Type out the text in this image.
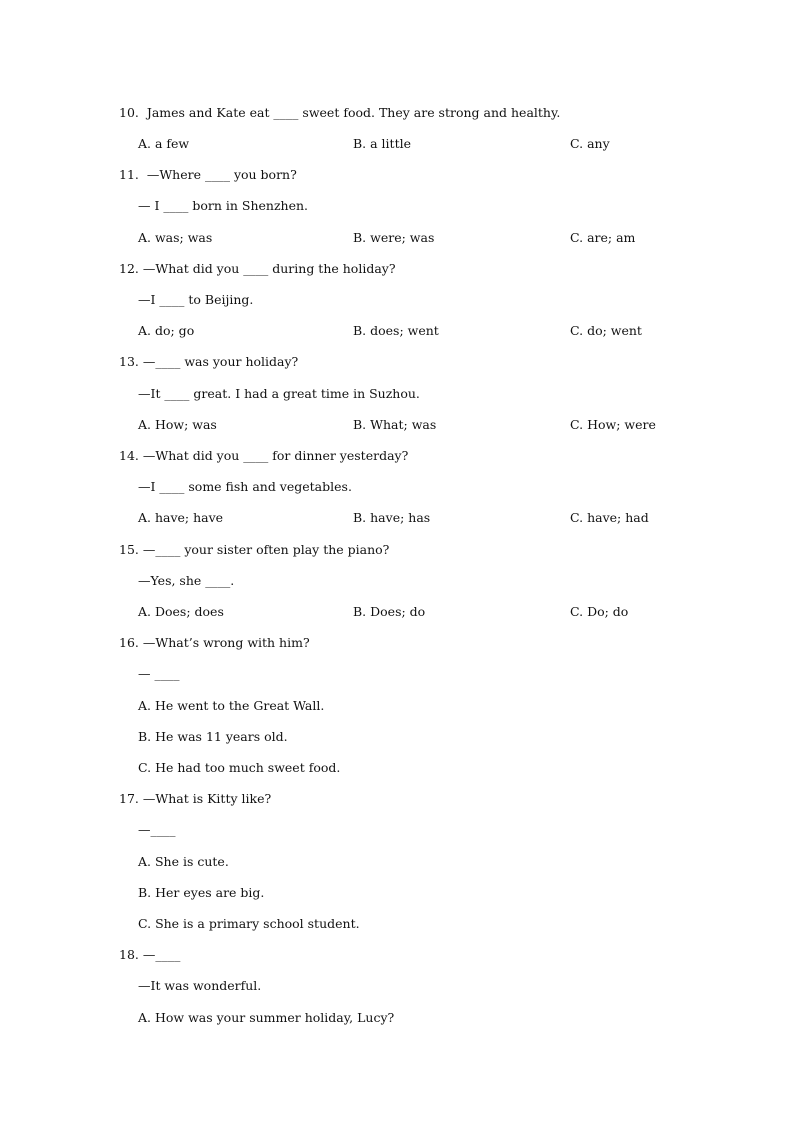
10.  James and Kate eat ____ sweet food. They are strong and healthy.
A. a few	B. a little	C. any
11.  —Where ____ you born?
— I ____ born in Shenzhen.
A. was; was	B. were; was	C. are; am
12. —What did you ____ during the holiday?
—I ____ to Beijing.
A. do; go	B. does; went	C. do; went
13. —____ was your holiday?
—It ____ great. I had a great time in Suzhou.
A. How; was	B. What; was	C. How; were
14. —What did you ____ for dinner yesterday?
—I ____ some fish and vegetables.
A. have; have	B. have; has	C. have; had
15. —____ your sister often play the piano?
—Yes, she ____.
A. Does; does	B. Does; do	C. Do; do
16. —What’s wrong with him?
— ____
A. He went to the Great Wall.
B. He was 11 years old.
C. He had too much sweet food.
17. —What is Kitty like?
—____
A. She is cute.
B. Her eyes are big.
C. She is a primary school student.
18. —____
—It was wonderful.
A. How was your summer holiday, Lucy?
